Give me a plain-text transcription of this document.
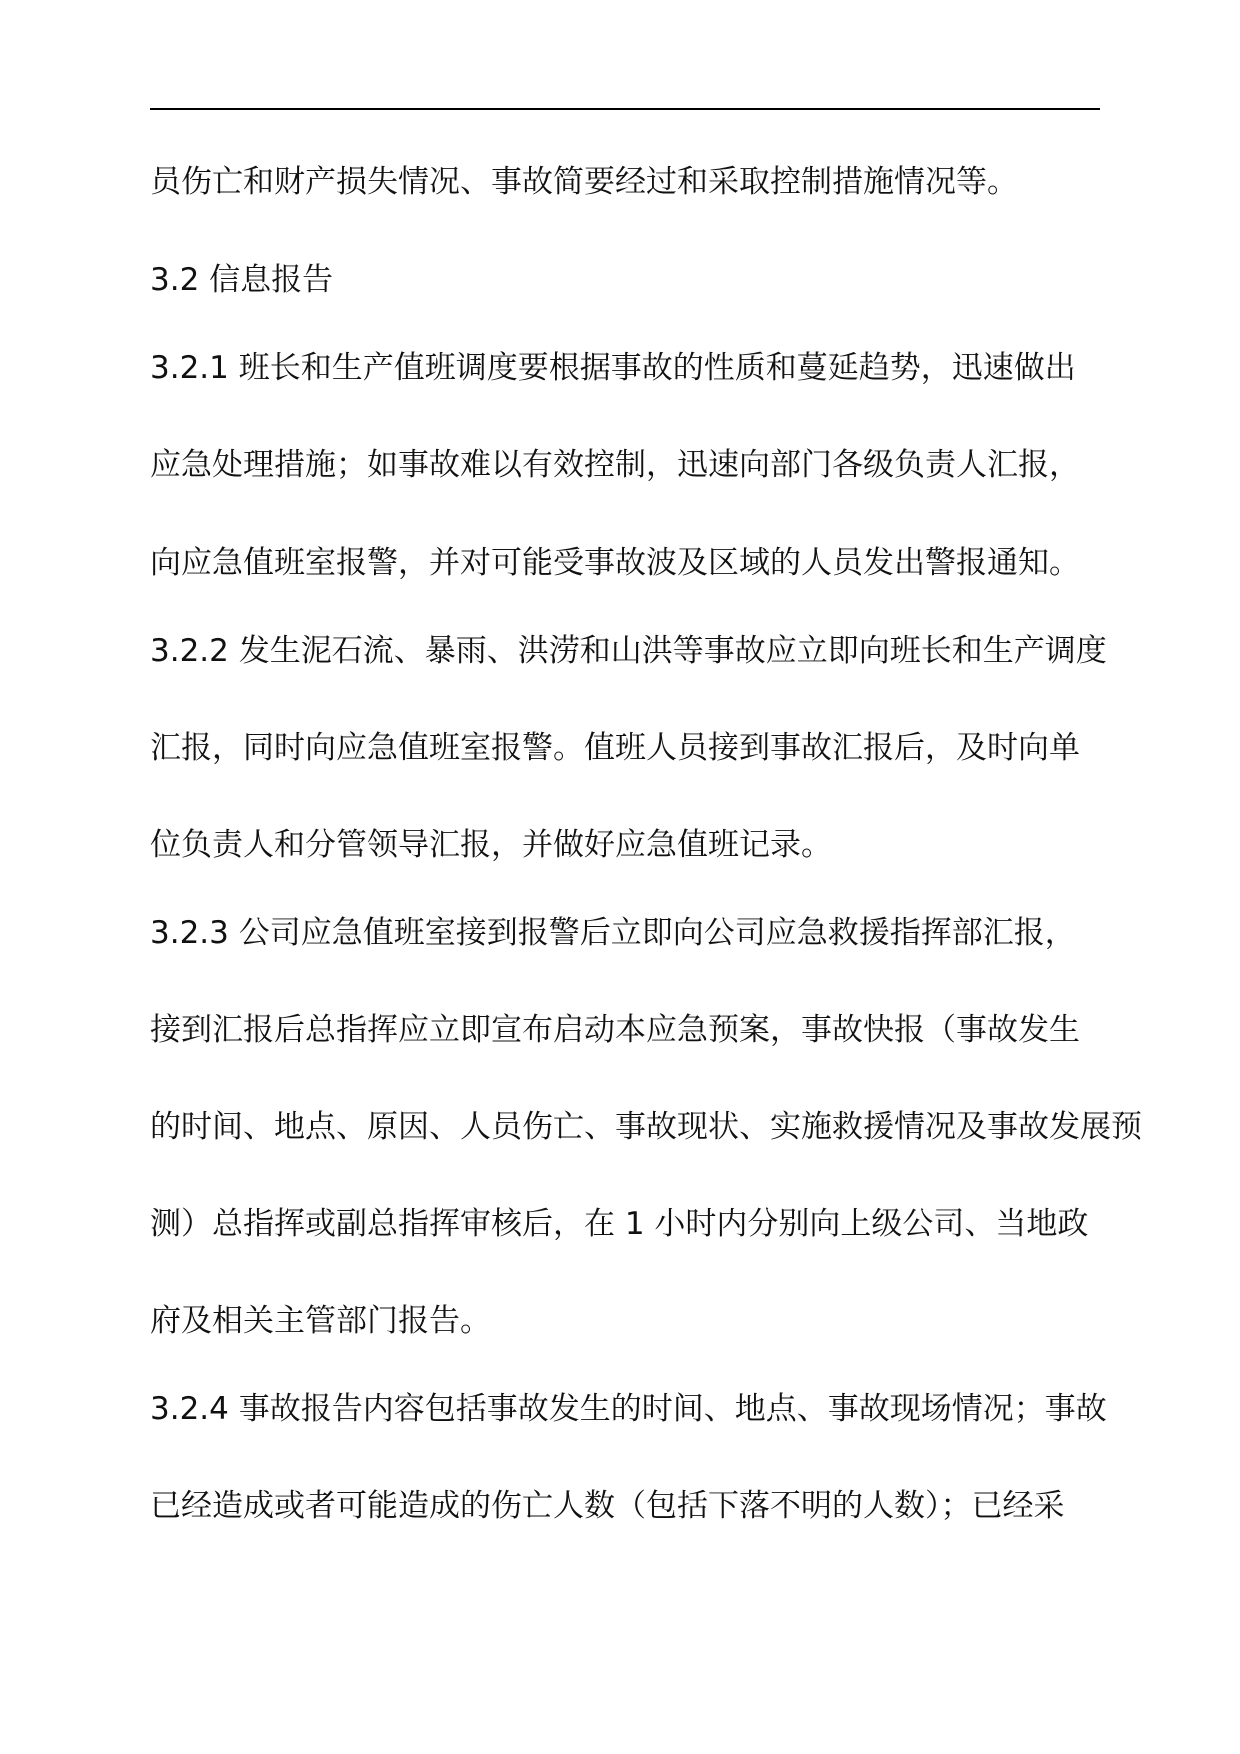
员伤亡和财产损失情况、事故简要经过和采取控制措施情况等。
3.2 信息报告
3.2.1 班长和生产值班调度要根据事故的性质和蔓延趋势，迅速做出
应急处理措施；如事故难以有效控制，迅速向部门各级负责人汇报，
向应急值班室报警，并对可能受事故波及区域的人员发出警报通知。
3.2.2 发生泥石流、暴雨、洪涝和山洪等事故应立即向班长和生产调度
汇报，同时向应急值班室报警。值班人员接到事故汇报后，及时向单
位负责人和分管领导汇报，并做好应急值班记录。
3.2.3 公司应急值班室接到报警后立即向公司应急救援指挥部汇报，
接到汇报后总指挥应立即宣布启动本应急预案，事故快报（事故发生
的时间、地点、原因、人员伤亡、事故现状、实施救援情况及事故发展预
测）总指挥或副总指挥审核后，在 1 小时内分别向上级公司、当地政
府及相关主管部门报告。
3.2.4 事故报告内容包括事故发生的时间、地点、事故现场情况；事故
已经造成或者可能造成的伤亡人数（包括下落不明的人数）；已经采
